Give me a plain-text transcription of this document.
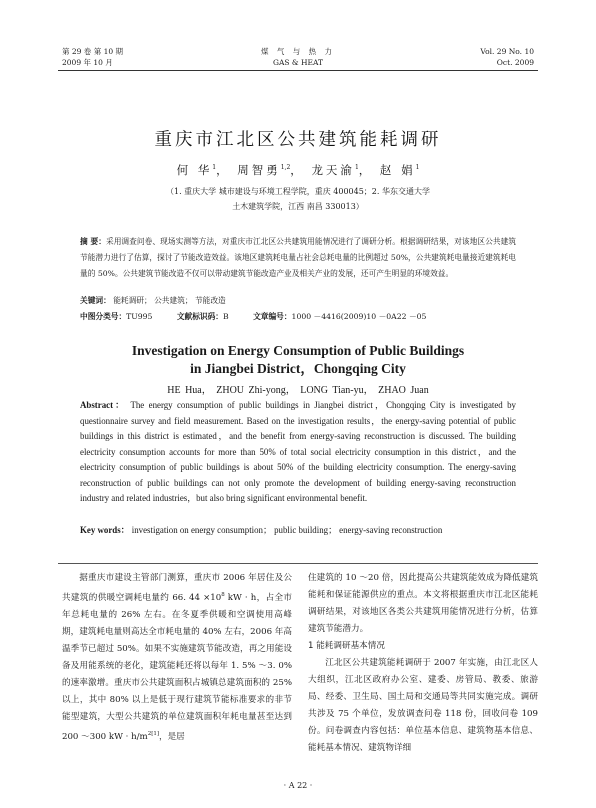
第 29 卷 第 10 期
2009 年 10 月
煤 气 与 热 力
GAS & HEAT
Vol. 29 No. 10
Oct. 2009
重庆市江北区公共建筑能耗调研
何 华$^1$， 周智勇$^{1,2}$， 龙天渝$^1$， 赵 娟$^1$
（1. 重庆大学 城市建设与环境工程学院，重庆 400045；2. 华东交通大学
土木建筑学院，江西 南昌 330013）
摘 要：采用调查问卷、现场实测等方法，对重庆市江北区公共建筑用能情况进行了调研分析。根据调研结果，对该地区公共建筑节能潜力进行了估算，探讨了节能改造效益。该地区建筑耗电量占社会总耗电量的比例超过 50%，公共建筑耗电量接近建筑耗电量的 50%。公共建筑节能改造不仅可以带动建筑节能改造产业及相关产业的发展，还可产生明显的环境效益。
关键词： 能耗调研； 公共建筑； 节能改造
中图分类号：TU995	文献标识码：B	文章编号：1000 －4416(2009)10 －0A22 －05
Investigation on Energy Consumption of Public Buildings
in Jiangbei District，Chongqing City
HE Hua， ZHOU Zhi-yong， LONG Tian-yu， ZHAO Juan
Abstract： The energy consumption of public buildings in Jiangbei district，Chongqing City is investigated by questionnaire survey and field measurement. Based on the investigation results，the energy-saving potential of public buildings in this district is estimated，and the benefit from energy-saving reconstruction is discussed. The building electricity consumption accounts for more than 50% of total social electricity consumption in this district，and the electricity consumption of public buildings is about 50% of the building electricity consumption. The energy-saving reconstruction of public buildings can not only promote the development of building energy-saving reconstruction industry and related industries，but also bring significant environmental benefit.
Key words： investigation on energy consumption； public building； energy-saving reconstruction

据重庆市建设主管部门测算，重庆市 2006 年居住及公共建筑的供暖空调耗电量约 66. $44 \times 10^8$ kW · h，占全市年总耗电量的 26% 左右。在冬夏季供暖和空调使用高峰期，建筑耗电量则高达全市耗电量的 40% 左右，2006 年高温季节已超过 50%。如果不实施建筑节能改造，再之用能设备及用能系统的老化，建筑能耗还将以每年 1. 5% ～3. 0% 的速率激增。重庆市公共建筑面积占城镇总建筑面积的 25% 以上，其中 80% 以上是低于现行建筑节能标准要求的非节能型建筑，大型公共建筑的单位建筑面积年耗电量甚至达到 200 ～300 kW · $h/m^{2[1]}$，是居

住建筑的 10 ～20 倍，因此提高公共建筑能效成为降低建筑能耗和保证能源供应的重点。本文将根据重庆市江北区能耗调研结果，对该地区各类公共建筑用能情况进行分析，估算建筑节能潜力。

1 能耗调研基本情况

江北区公共建筑能耗调研于 2007 年实施，由江北区人大组织，江北区政府办公室、建委、房管局、教委、旅游局、经委、卫生局、国土局和交通局等共同实施完成。调研共涉及 75 个单位，发放调查问卷 118 份，回收问卷 109 份。问卷调查内容包括：单位基本信息、建筑物基本信息、能耗基本情况、建筑物详细

· A 22 ·
